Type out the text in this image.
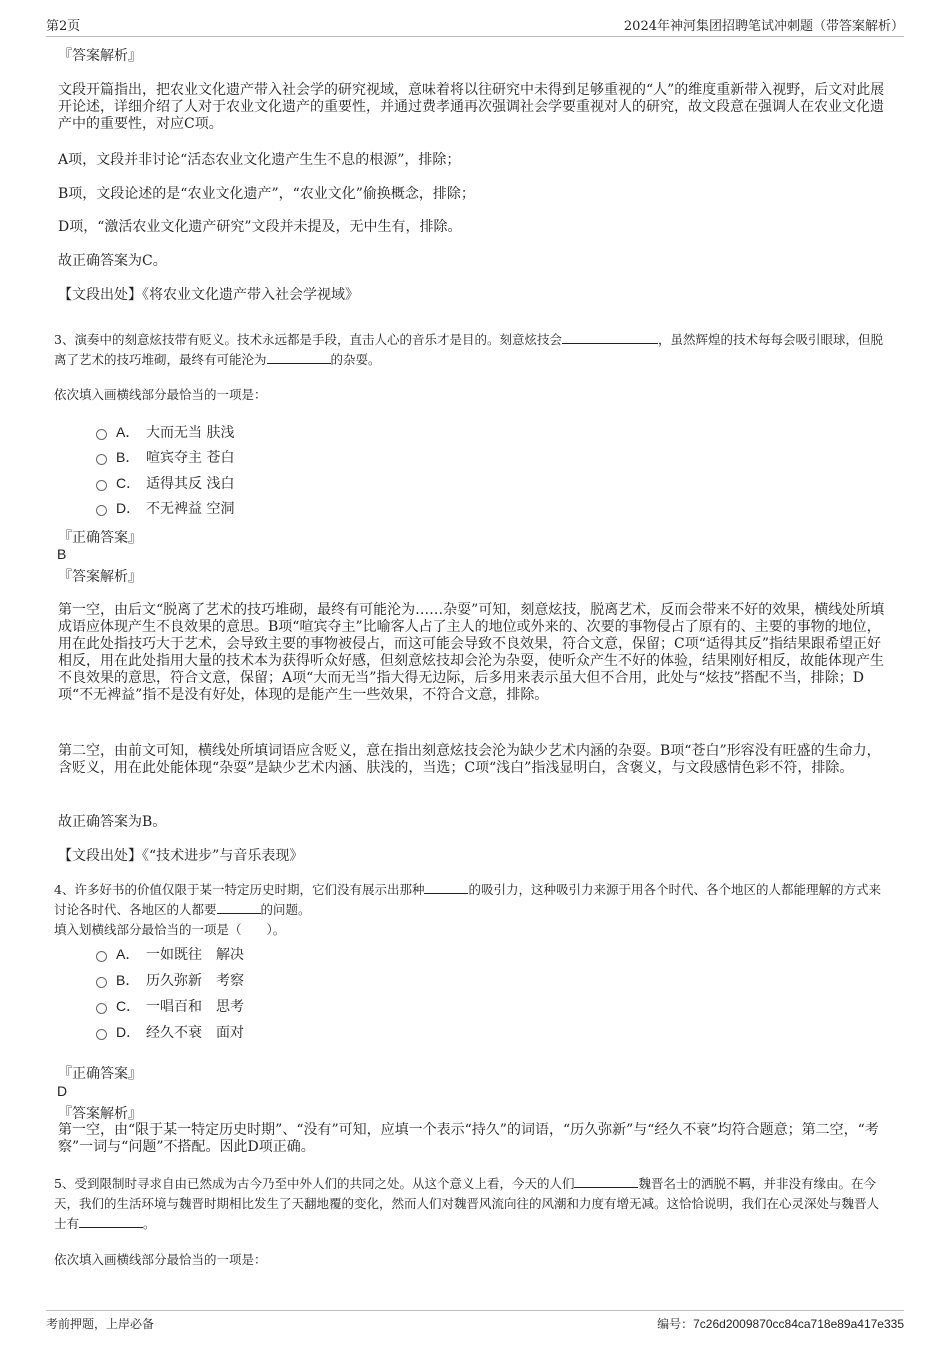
第2页	2024年神河集团招聘笔试冲刺题（带答案解析）
『答案解析』
文段开篇指出，把农业文化遗产带入社会学的研究视域，意味着将以往研究中未得到足够重视的“人”的维度重新带入视野，后文对此展开论述，详细介绍了人对于农业文化遗产的重要性，并通过费孝通再次强调社会学要重视对人的研究，故文段意在强调人在农业文化遗产中的重要性，对应C项。
A项，文段并非讨论“活态农业文化遗产生生不息的根源”，排除；
B项，文段论述的是“农业文化遗产”，“农业文化”偷换概念，排除；
D项，“激活农业文化遗产研究”文段并未提及，无中生有，排除。
故正确答案为C。
【文段出处】《将农业文化遗产带入社会学视域》
3、演奏中的刻意炫技带有贬义。技术永远都是手段，直击人心的音乐才是目的。刻意炫技会	，虽然辉煌的技术每每会吸引眼球，但脱离了艺术的技巧堆砌，最终有可能沦为	的杂耍。
依次填入画横线部分最恰当的一项是：
A． 大而无当 肤浅
B． 喧宾夺主 苍白
C． 适得其反 浅白
D． 不无裨益 空洞
『正确答案』
B
『答案解析』
第一空，由后文“脱离了艺术的技巧堆砌，最终有可能沦为……杂耍”可知，刻意炫技，脱离艺术，反而会带来不好的效果，横线处所填成语应体现产生不良效果的意思。B项“喧宾夺主”比喻客人占了主人的地位或外来的、次要的事物侵占了原有的、主要的事物的地位，用在此处指技巧大于艺术，会导致主要的事物被侵占，而这可能会导致不良效果，符合文意，保留；C项“适得其反”指结果跟希望正好相反，用在此处指用大量的技术本为获得听众好感，但刻意炫技却会沦为杂耍，使听众产生不好的体验，结果刚好相反，故能体现产生不良效果的意思，符合文意，保留；A项“大而无当”指大得无边际，后多用来表示虽大但不合用，此处与“炫技”搭配不当，排除；D项“不无裨益”指不是没有好处，体现的是能产生一些效果，不符合文意，排除。
第二空，由前文可知，横线处所填词语应含贬义，意在指出刻意炫技会沦为缺少艺术内涵的杂耍。B项“苍白”形容没有旺盛的生命力，含贬义，用在此处能体现“杂耍”是缺少艺术内涵、肤浅的，当选；C项“浅白”指浅显明白，含褒义，与文段感情色彩不符，排除。
故正确答案为B。
【文段出处】《“技术进步”与音乐表现》
4、许多好书的价值仅限于某一特定历史时期，它们没有展示出那种	的吸引力，这种吸引力来源于用各个时代、各个地区的人都能理解的方式来讨论各时代、各地区的人都要	的问题。
填入划横线部分最恰当的一项是（　　）。
A． 一如既往　解决
B． 历久弥新　考察
C． 一唱百和　思考
D． 经久不衰　面对
『正确答案』
D
『答案解析』
第一空，由“限于某一特定历史时期”、“没有”可知，应填一个表示“持久”的词语，“历久弥新”与“经久不衰”均符合题意；第二空，“考察”一词与“问题”不搭配。因此D项正确。
5、受到限制时寻求自由已然成为古今乃至中外人们的共同之处。从这个意义上看，今天的人们	魏晋名士的洒脱不羁，并非没有缘由。在今天，我们的生活环境与魏晋时期相比发生了天翻地覆的变化，然而人们对魏晋风流向往的风潮和力度有增无减。这恰恰说明，我们在心灵深处与魏晋人士有	。
依次填入画横线部分最恰当的一项是：
考前押题，上岸必备	编号：7c26d2009870cc84ca718e89a417e335
